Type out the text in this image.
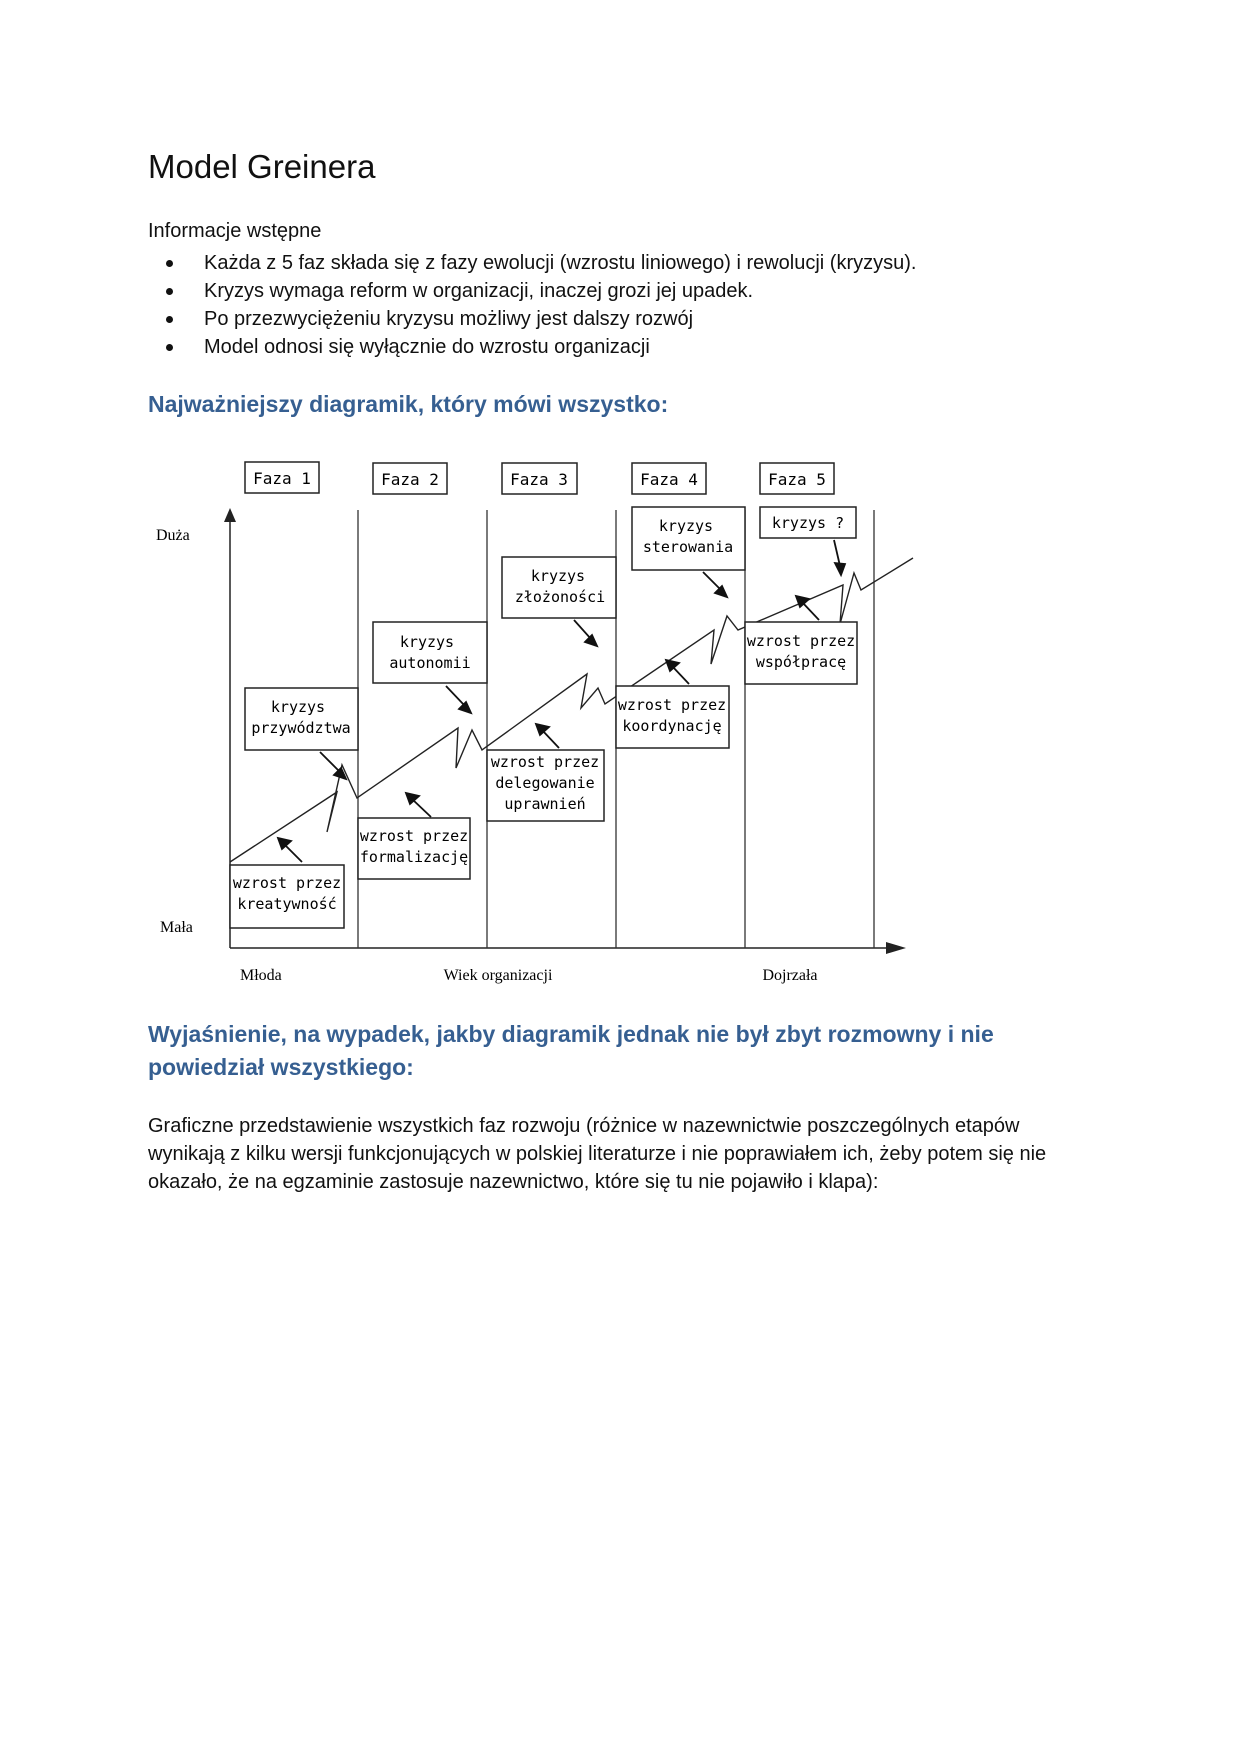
Model Greinera
Informacje wstępne
Każda z 5 faz składa się z fazy ewolucji (wzrostu liniowego) i rewolucji (kryzysu).
Kryzys wymaga reform w organizacji, inaczej grozi jej upadek.
Po przezwyciężeniu kryzysu możliwy jest dalszy rozwój
Model odnosi się wyłącznie do wzrostu organizacji
Najważniejszy diagramik, który mówi wszystko:
Faza 1	Faza 2	Faza 3	Faza 4	Faza 5
Duża
Mała
Młoda	Wiek organizacji	Dojrzała
wzrost przez
kreatywność
wzrost przez
formalizację
wzrost przez
delegowanie
uprawnień
wzrost przez
koordynację
wzrost przez
współpracę
kryzys
przywództwa
kryzys
autonomii
kryzys
złożoności
kryzys
sterowania
kryzys ?
Wyjaśnienie, na wypadek, jakby diagramik jednak nie był zbyt rozmowny i nie powiedział wszystkiego:

Graficzne przedstawienie wszystkich faz rozwoju (różnice w nazewnictwie poszczególnych etapów wynikają z kilku wersji funkcjonujących w polskiej literaturze i nie poprawiałem ich, żeby potem się nie okazało, że na egzaminie zastosuje nazewnictwo, które się tu nie pojawiło i klapa):
